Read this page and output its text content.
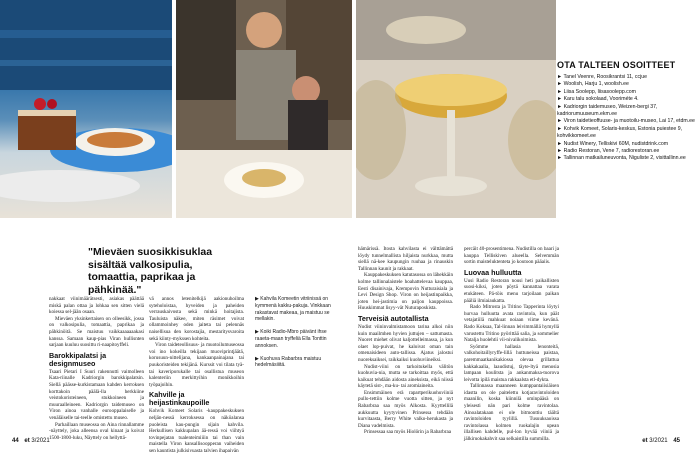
OTA TALTEEN OSOITTEET
► Tanel Veenre, Roosikrantsi 11, ccjue
► Woolish, Harju 1, woolish.ee
► Liisa Soolepp, liisasoolepp.com
► Karu talu sokolaad, Vooriméte 4.
► Kadriorgin taidemuseo, Weizen-bergi 37, kadriorumuuseum.ekm.ee
► Viron taidetieoffuuse- ja muotoilu-museo, Lai 17, etdm.ee
► Kohvik Komeet, Solaris-keskus, Estonia puiestee 9, kohvikkomeet.ee
► Nudist Winery, Telliskivi 60M, nudistdrink.com
► Radio Restoran, Vene 7, radiorestoran.ee
► Tallinnan matkailuneuvonta, Niguliste 2, visittallinn.ee
"Mieväen suosikkisuklaa sisältää valkosipulia, tomaattia, paprikaa ja pähkinää."

nakkaat viinimäärätsesti, asiakas päättää miskä palan ottaa ja lohkaa sen sitten vielä koiessa sel-jään osaan.

Mieväen yksinkertaisen on olleesikk, jossa on valkosipulia, tomaattia, paprikaa ja pähkinöitä. Se maistuu vaikkaaaaaaakasi kanssa. Samaan kaup-pias Viran hullisnten sarjaan kuuluu suosittu ri-naapitoyffeli.

Barokkipalatsi ja designmuseo

Tsaari Pietari I Suuri rakennutti vaimolleen Kata-riinalle Kadriorgin barokkipalatsin. Siellä päässe-kurkistamaan kahden kerroksen korttakoin päälä-lla herkkiine veistokoristeineen, stukkoineen ja muuraalleineen. Kadriorgin taidemuseo on Viron ainoa vanhalle eurooppalaiselle ja venäläiselle tai-teelle omistettu museo.

Parhaillaan museossa on Aina rinnallamme -näyttely, joka alleensa oval kinaat ja koivat 1500-1800-luku, Näyttely on hellyttä-

vä annos letenitelkijä aakionuhoilma syteholoistaa, hyveiden ja paheiden verrauskaivosta sekä minkä hoitajista. Tauluista näkee, miten räsimet voivat ollammoinhey oden jaiteta tai pelennäs naisellisua den korostajia, mestaritysvaroita sekä kiinty-mykssen kohteita.

Viron taideteollisuus- ja muotoilumuseossa voi ino kokeilla tekijaan muoviprintjäätä, korusuun-nittelijana, kankaanpainajana tai puukoristeiden tekijänä. Kurssit voi tilata tyä- tai kaveriporukalle tai osallistua museon kalenteriin merkittyihin monikkoihin työpajoihin.

Kahville ja heijastinkaupoille

Kohvik Komeet Solaris -kauppakeskuksen neljän-nessä kerroksessa on näköalansa puoleista kau-pungin sijain kahvila. Herkullisen kakkupalan ää-ressä voi viihtyä tovinpejatan tualenteimiiiin tai than vain maistella Viron kansallisoopperan vaiheiden sen kauntista julkisivuasta talvien ihapaivän

▶ Kahvila Komeetin vitriinissä on kymmenä kakku-pakuja. Vinkkaan rakastavat makeaa, ja maistuu se mellakin.

▶ Koiki Radio-Mbro päivänt ihse raaeta-maan tryffeliä Ella Tonttin annoksen.

▶ Kuohuva Rabarbra maistuu hedelmäsiiitä.

hämärissä. Itosta kahvilasta ei välttämättä löydy tunnelmallista hiljaista nurkkaa, mutta siellä nä-kee kaupungin ruuhaa ja rinauskin Tallinnan kaunit ja rakkaat.

Kauppakeskuksen katutasossa on lähekkäin kolme tallinnalaistele hoahattelevaa kauppaa, Eesti disainivaja, Krempovin Nutturaisiala ja Levi Design Shop. Viron on heijastinpaikka, joten hei-jastimia on paljon kauppoissa. Huuskimmat lisyy-vät Nuturaposkista.

Terveisiä autotallista

Nudist viininvalmistamoon tarina alkoi niin kuin maailmhen hyvien juttujen – sattumasta. Nuoret miehet olivat kaljottelleimassa, ja kun olaet lop-puivat, he kaloivat oman tain omenaisideen auto-tallissa. Ajatus jalostui nuoreksaiksei, raikkaiksi kuohuviineiksi.

Nudist-viini on tarkoitukella välitön kuohuvia-nia, mutta se tarkoittaa myös, että kaikuat tehdään aidosta aineksista, eikä niissä käytetä sist-, ma-ku- tai aromiaineita.

Ensimmäinen erä rapartperikuohuviiniä pullo-tettiin kolme vuotta sitten, ja nyt Rabarbraa saa myös Alkosta. Kyyttellilä aukkuutta kyytyvinen Prinsessa tehdään kurvitaasta, Berry White valko-herukasta ja Diana vadelmista.

Prinsessaa saa myös Hiolörin ja Rabarbraa

percäit 40-prosentimena. Nudistilla on baari ja kauppa Telliskiven alueella. Selvemmän sortin maisteluktenteta jo koutoon pääaiis.

Luovaa hulluutta

Uusi Radio Restoran nousi heti paikallisten suosi-kiksi, joten pöytä kannattaa varata etukäteen. Pä-töis menu tarjoilaan paikan pääliä ilmiaiaukatta.

Rado Mitrosta ja Tritino Tapperinta löytyi hurvaa hulluutta avata ravintola, kun päät vetajatiilä mahkuat noiaan viime kevänä. Rado Koksaa, Tal-linnan leivimmällä hymyllä varustettu Tritino pyörittää salia, ja sommelier Natalja huolehtii vii-nivalikoimista.

Syömme hallasia lenonteitä, valkohoitaillyryffe-lillä huttuneissa paistaa, paremmaatkanikakiossa olevaa grillattua kakkakaalia, laaudistuj, täyte-ltyä menosia lampaan koulitsta ja ankanmaksa-tuorova leivotta ipilä maistua rakkaalsta etl-dykta.

Tallinnassa maanneen kumppantaiisiäisen idastta on ole paitelettu kotjaravintoloiden maanilin, koska kiinnilä ominpääsä on yleisesti nän pari kolme ravintolaa. Ainoalatakaan ei ole bitmonttiu täältä ravintoloiden tyylillä. Tusuuksaoissa ravintolassa kolmen ruokalajin upean illallisen kahdelle, pul-lon hyvää viiniä ja jälkiruokakahvit saa selkaistilla summilla.

44 et 3/2021	et 3/2021 45
